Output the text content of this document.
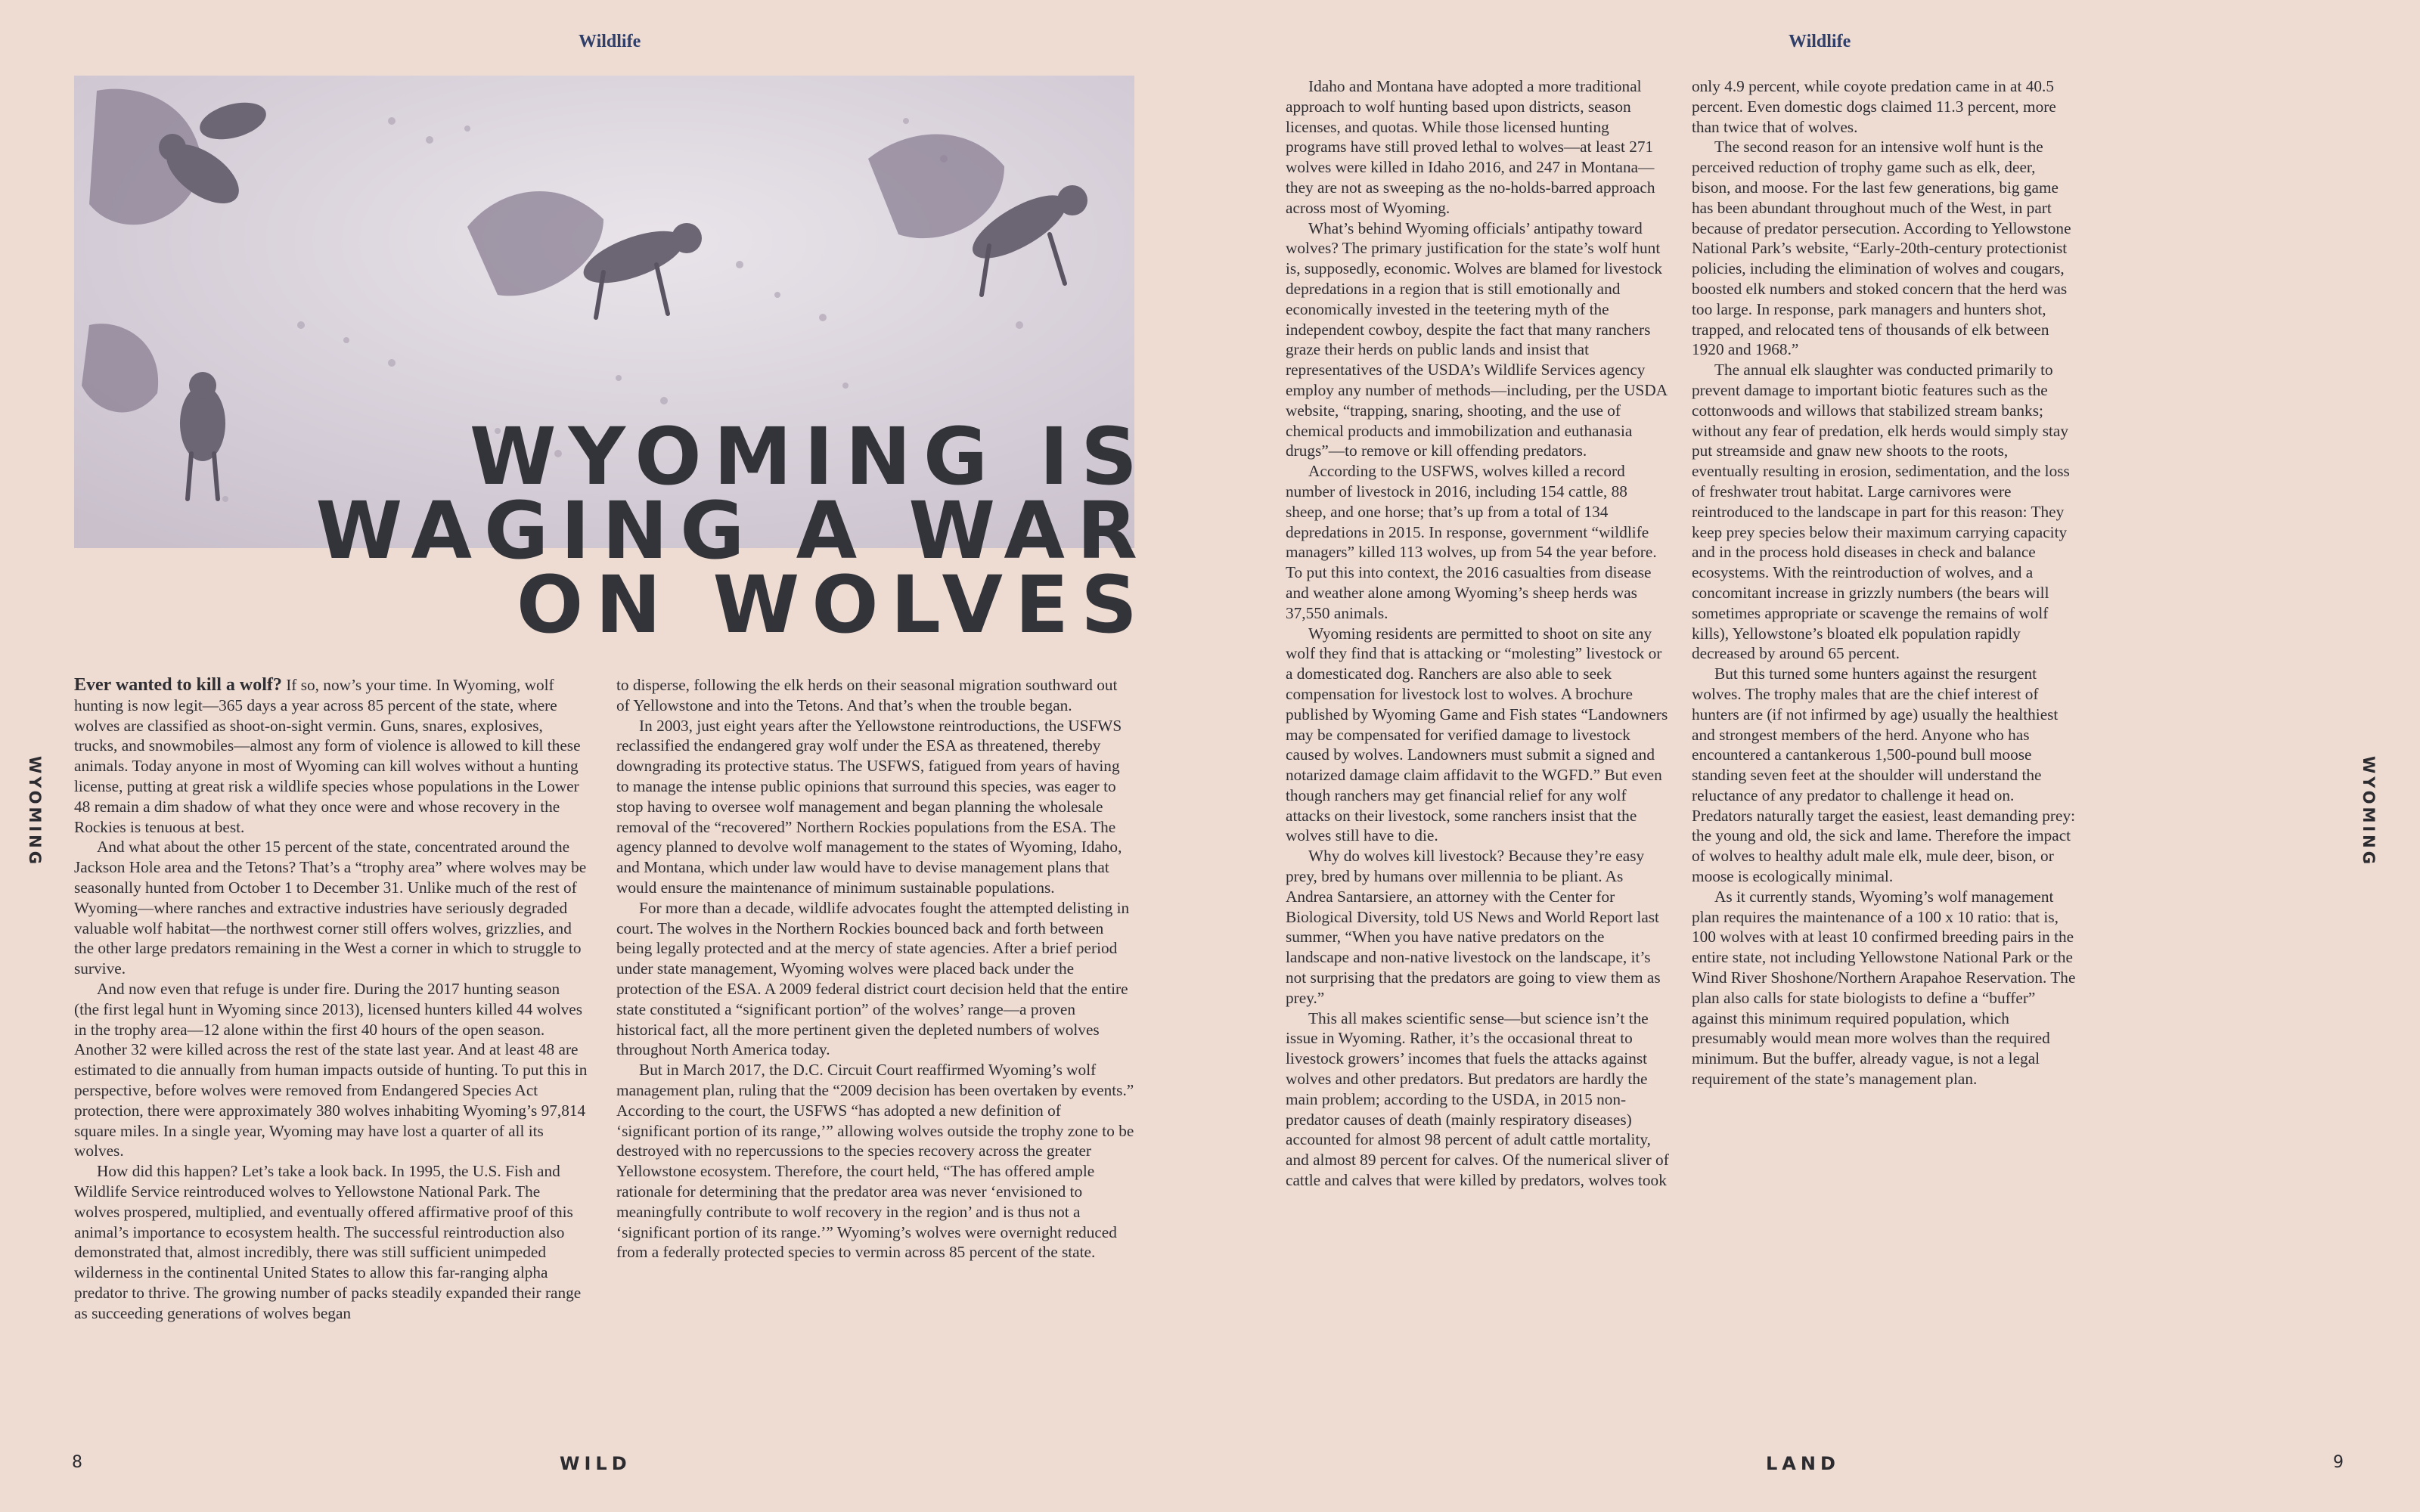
Wildlife	Wildlife
WYOMING IS
WAGING A WAR
ON WOLVES
WYOMING	WYOMING

Ever wanted to kill a wolf? If so, now’s your time. In Wyoming, wolf hunting is now legit—365 days a year across 85 percent of the state, where wolves are classified as shoot-on-sight vermin. Guns, snares, explosives, trucks, and snowmobiles—almost any form of violence is allowed to kill these animals. Today anyone in most of Wyoming can kill wolves without a hunting license, putting at great risk a wildlife species whose populations in the Lower 48 remain a dim shadow of what they once were and whose recovery in the Rockies is tenuous at best.

And what about the other 15 percent of the state, concentrated around the Jackson Hole area and the Tetons? That’s a “trophy area” where wolves may be seasonally hunted from October 1 to December 31. Unlike much of the rest of Wyoming—where ranches and extractive industries have seriously degraded valuable wolf habitat—the northwest corner still offers wolves, grizzlies, and the other large predators remaining in the West a corner in which to struggle to survive.

And now even that refuge is under fire. During the 2017 hunting season (the first legal hunt in Wyoming since 2013), licensed hunters killed 44 wolves in the trophy area—12 alone within the first 40 hours of the open season. Another 32 were killed across the rest of the state last year. And at least 48 are estimated to die annually from human impacts outside of hunting. To put this in perspective, before wolves were removed from Endangered Species Act protection, there were approximately 380 wolves inhabiting Wyoming’s 97,814 square miles. In a single year, Wyoming may have lost a quarter of all its wolves.

How did this happen? Let’s take a look back. In 1995, the U.S. Fish and Wildlife Service reintroduced wolves to Yellowstone National Park. The wolves prospered, multiplied, and eventually offered affirmative proof of this animal’s importance to ecosystem health. The successful reintroduction also demonstrated that, almost incredibly, there was still sufficient unimpeded wilderness in the continental United States to allow this far-ranging alpha predator to thrive. The growing number of packs steadily expanded their range as succeeding generations of wolves began

to disperse, following the elk herds on their seasonal migration southward out of Yellowstone and into the Tetons. And that’s when the trouble began.

In 2003, just eight years after the Yellowstone reintroductions, the USFWS reclassified the endangered gray wolf under the ESA as threatened, thereby downgrading its protective status. The USFWS, fatigued from years of having to manage the intense public opinions that surround this species, was eager to stop having to oversee wolf management and began planning the wholesale removal of the “recovered” Northern Rockies populations from the ESA. The agency planned to devolve wolf management to the states of Wyoming, Idaho, and Montana, which under law would have to devise management plans that would ensure the maintenance of minimum sustainable populations.

For more than a decade, wildlife advocates fought the attempted delisting in court. The wolves in the Northern Rockies bounced back and forth between being legally protected and at the mercy of state agencies. After a brief period under state management, Wyoming wolves were placed back under the protection of the ESA. A 2009 federal district court decision held that the entire state constituted a “significant portion” of the wolves’ range—a proven historical fact, all the more pertinent given the depleted numbers of wolves throughout North America today.

But in March 2017, the D.C. Circuit Court reaffirmed Wyoming’s wolf management plan, ruling that the “2009 decision has been overtaken by events.” According to the court, the USFWS “has adopted a new definition of ‘significant portion of its range,’” allowing wolves outside the trophy zone to be destroyed with no repercussions to the species recovery across the greater Yellowstone ecosystem. Therefore, the court held, “The has offered ample rationale for determining that the predator area was never ‘envisioned to meaningfully contribute to wolf recovery in the region’ and is thus not a ‘significant portion of its range.’” Wyoming’s wolves were overnight reduced from a federally protected species to vermin across 85 percent of the state.

Idaho and Montana have adopted a more traditional approach to wolf hunting based upon districts, season licenses, and quotas. While those licensed hunting programs have still proved lethal to wolves—at least 271 wolves were killed in Idaho 2016, and 247 in Montana—they are not as sweeping as the no-holds-barred approach across most of Wyoming.

What’s behind Wyoming officials’ antipathy toward wolves? The primary justification for the state’s wolf hunt is, supposedly, economic. Wolves are blamed for livestock depredations in a region that is still emotionally and economically invested in the teetering myth of the independent cowboy, despite the fact that many ranchers graze their herds on public lands and insist that representatives of the USDA’s Wildlife Services agency employ any number of methods—including, per the USDA website, “trapping, snaring, shooting, and the use of chemical products and immobilization and euthanasia drugs”—to remove or kill offending predators.

According to the USFWS, wolves killed a record number of livestock in 2016, including 154 cattle, 88 sheep, and one horse; that’s up from a total of 134 depredations in 2015. In response, government “wildlife managers” killed 113 wolves, up from 54 the year before. To put this into context, the 2016 casualties from disease and weather alone among Wyoming’s sheep herds was 37,550 animals.

Wyoming residents are permitted to shoot on site any wolf they find that is attacking or “molesting” livestock or a domesticated dog. Ranchers are also able to seek compensation for livestock lost to wolves. A brochure published by Wyoming Game and Fish states “Landowners may be compensated for verified damage to livestock caused by wolves. Landowners must submit a signed and notarized damage claim affidavit to the WGFD.” But even though ranchers may get financial relief for any wolf attacks on their livestock, some ranchers insist that the wolves still have to die.

Why do wolves kill livestock? Because they’re easy prey, bred by humans over millennia to be pliant. As Andrea Santarsiere, an attorney with the Center for Biological Diversity, told US News and World Report last summer, “When you have native predators on the landscape and non-native livestock on the landscape, it’s not surprising that the predators are going to view them as prey.”

This all makes scientific sense—but science isn’t the issue in Wyoming. Rather, it’s the occasional threat to livestock growers’ incomes that fuels the attacks against wolves and other predators. But predators are hardly the main problem; according to the USDA, in 2015 non-predator causes of death (mainly respiratory diseases) accounted for almost 98 percent of adult cattle mortality, and almost 89 percent for calves. Of the numerical sliver of cattle and calves that were killed by predators, wolves took

only 4.9 percent, while coyote predation came in at 40.5 percent. Even domestic dogs claimed 11.3 percent, more than twice that of wolves.

The second reason for an intensive wolf hunt is the perceived reduction of trophy game such as elk, deer, bison, and moose. For the last few generations, big game has been abundant throughout much of the West, in part because of predator persecution. According to Yellowstone National Park’s website, “Early-20th-century protectionist policies, including the elimination of wolves and cougars, boosted elk numbers and stoked concern that the herd was too large. In response, park managers and hunters shot, trapped, and relocated tens of thousands of elk between 1920 and 1968.”

The annual elk slaughter was conducted primarily to prevent damage to important biotic features such as the cottonwoods and willows that stabilized stream banks; without any fear of predation, elk herds would simply stay put streamside and gnaw new shoots to the roots, eventually resulting in erosion, sedimentation, and the loss of freshwater trout habitat. Large carnivores were reintroduced to the landscape in part for this reason: They keep prey species below their maximum carrying capacity and in the process hold diseases in check and balance ecosystems. With the reintroduction of wolves, and a concomitant increase in grizzly numbers (the bears will sometimes appropriate or scavenge the remains of wolf kills), Yellowstone’s bloated elk population rapidly decreased by around 65 percent.

But this turned some hunters against the resurgent wolves. The trophy males that are the chief interest of hunters are (if not infirmed by age) usually the healthiest and strongest members of the herd. Anyone who has encountered a cantankerous 1,500-pound bull moose standing seven feet at the shoulder will understand the reluctance of any predator to challenge it head on. Predators naturally target the easiest, least demanding prey: the young and old, the sick and lame. Therefore the impact of wolves to healthy adult male elk, mule deer, bison, or moose is ecologically minimal.

As it currently stands, Wyoming’s wolf management plan requires the maintenance of a 100 x 10 ratio: that is, 100 wolves with at least 10 confirmed breeding pairs in the entire state, not including Yellowstone National Park or the Wind River Shoshone/Northern Arapahoe Reservation. The plan also calls for state biologists to define a “buffer” against this minimum required population, which presumably would mean more wolves than the required minimum. But the buffer, already vague, is not a legal requirement of the state’s management plan.

8	WILD	LAND	9
